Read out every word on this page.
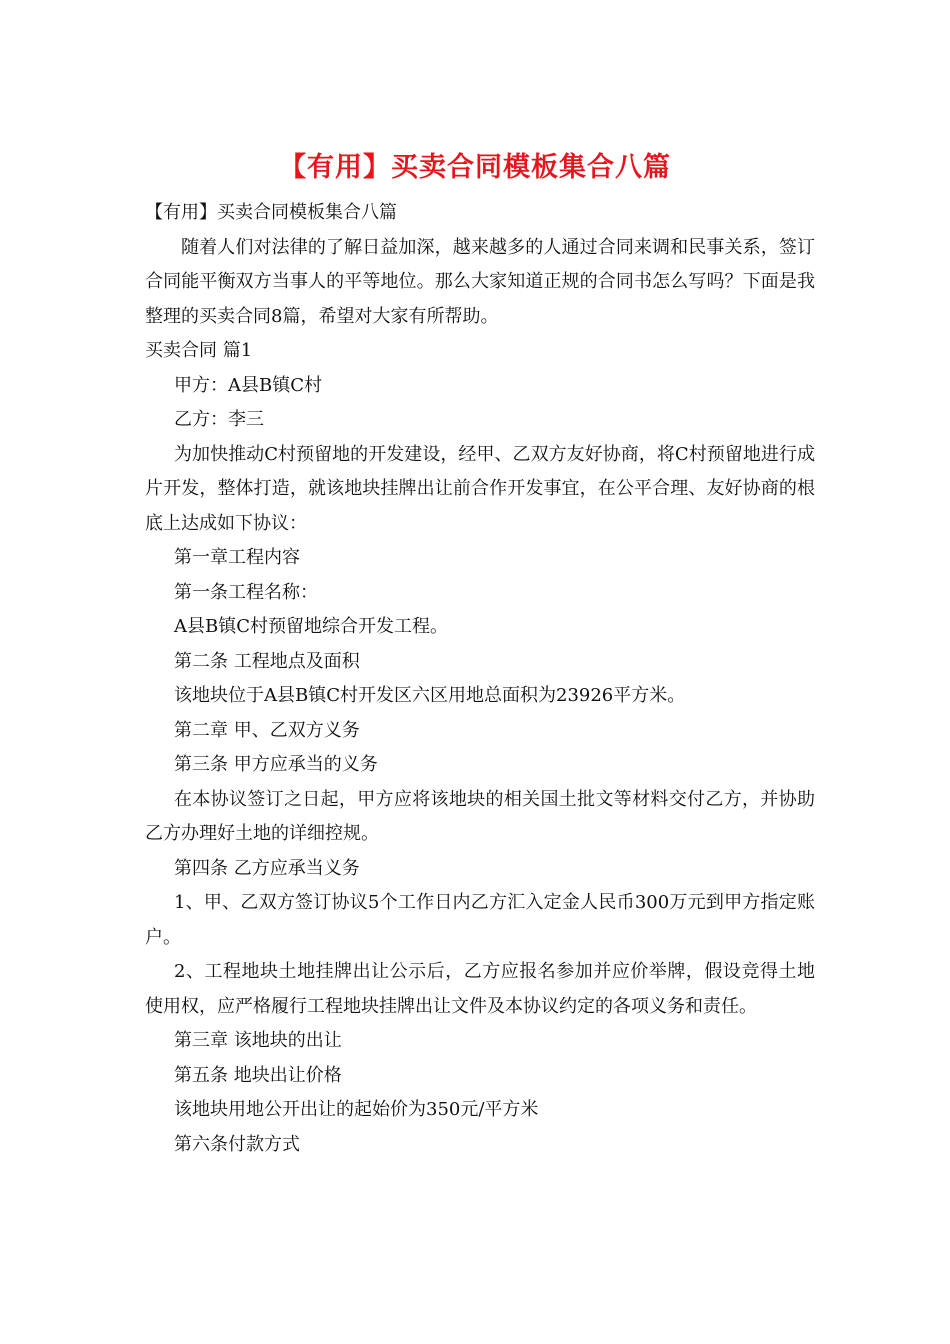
【有用】买卖合同模板集合八篇

【有用】买卖合同模板集合八篇

随着人们对法律的了解日益加深，越来越多的人通过合同来调和民事关系，签订合同能平衡双方当事人的平等地位。那么大家知道正规的合同书怎么写吗？下面是我整理的买卖合同8篇，希望对大家有所帮助。

买卖合同 篇1

甲方：A县B镇C村

乙方：李三

为加快推动C村预留地的开发建设，经甲、乙双方友好协商，将C村预留地进行成片开发，整体打造，就该地块挂牌出让前合作开发事宜，在公平合理、友好协商的根底上达成如下协议：

第一章工程内容

第一条工程名称：

A县B镇C村预留地综合开发工程。

第二条 工程地点及面积

该地块位于A县B镇C村开发区六区用地总面积为23926平方米。

第二章 甲、乙双方义务

第三条 甲方应承当的义务

在本协议签订之日起，甲方应将该地块的相关国土批文等材料交付乙方，并协助乙方办理好土地的详细控规。

第四条 乙方应承当义务

1、甲、乙双方签订协议5个工作日内乙方汇入定金人民币300万元到甲方指定账户。

2、工程地块土地挂牌出让公示后，乙方应报名参加并应价举牌，假设竞得土地使用权，应严格履行工程地块挂牌出让文件及本协议约定的各项义务和责任。

第三章 该地块的出让

第五条 地块出让价格

该地块用地公开出让的起始价为350元/平方米

第六条付款方式
